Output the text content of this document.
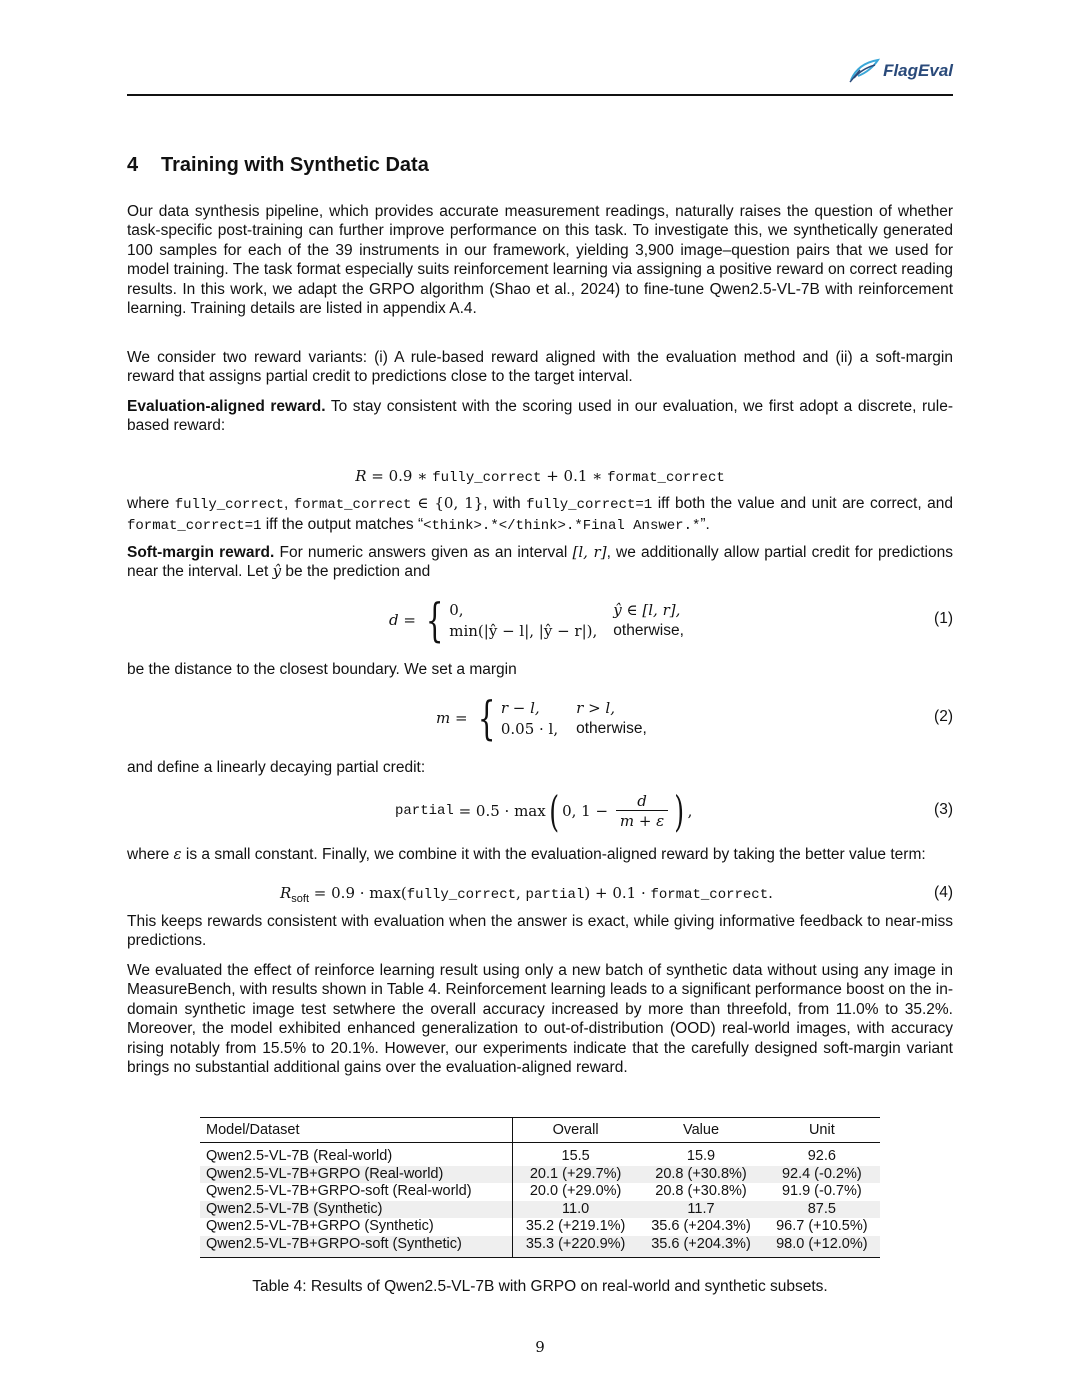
FlagEval
4 Training with Synthetic Data

Our data synthesis pipeline, which provides accurate measurement readings, naturally raises the question of whether task-specific post-training can further improve performance on this task. To investigate this, we synthetically generated 100 samples for each of the 39 instruments in our framework, yielding 3,900 image–question pairs that we used for model training. The task format especially suits reinforcement learning via assigning a positive reward on correct reading results. In this work, we adapt the GRPO algorithm (Shao et al., 2024) to fine-tune Qwen2.5-VL-7B with reinforcement learning. Training details are listed in appendix A.4.

We consider two reward variants: (i) A rule-based reward aligned with the evaluation method and (ii) a soft-margin reward that assigns partial credit to predictions close to the target interval.

Evaluation-aligned reward. To stay consistent with the scoring used in our evaluation, we first adopt a discrete, rule-based reward:

R = 0.9 ∗ fully_correct + 0.1 ∗ format_correct

where fully_correct, format_correct ∈ {0, 1}, with fully_correct=1 iff both the value and unit are correct, and format_correct=1 iff the output matches “<think>.*</think>.*Final Answer.*”.

Soft-margin reward. For numeric answers given as an interval [l, r], we additionally allow partial credit for predictions near the interval. Let ŷ be the prediction and

d = { 0,	ŷ ∈ [l, r],
min(|ŷ − l|, |ŷ − r|), otherwise,
(1)

be the distance to the closest boundary. We set a margin

m = { r − l,	r > l,
0.05 · l, otherwise,
(2)

and define a linearly decaying partial credit:

partial = 0.5 · max ( 0, $1 - \frac{d}{m + \varepsilon}$ ) ,	(3)

where ε is a small constant. Finally, we combine it with the evaluation-aligned reward by taking the better value term:

$R_{soft} = 0.9$ · max(fully_correct, partial) + 0.1 · format_correct.	(4)

This keeps rewards consistent with evaluation when the answer is exact, while giving informative feedback to near-miss predictions.

We evaluated the effect of reinforce learning result using only a new batch of synthetic data without using any image in MeasureBench, with results shown in Table 4. Reinforcement learning leads to a significant performance boost on the in-domain synthetic image test setwhere the overall accuracy increased by more than threefold, from 11.0% to 35.2%. Moreover, the model exhibited enhanced generalization to out-of-distribution (OOD) real-world images, with accuracy rising notably from 15.5% to 20.1%. However, our experiments indicate that the carefully designed soft-margin variant brings no substantial additional gains over the evaluation-aligned reward.

Model/Dataset	Overall	Value	Unit
Qwen2.5-VL-7B (Real-world)	15.5	15.9	92.6
Qwen2.5-VL-7B+GRPO (Real-world)	20.1 (+29.7%)	20.8 (+30.8%)	92.4 (-0.2%)
Qwen2.5-VL-7B+GRPO-soft (Real-world)	20.0 (+29.0%)	20.8 (+30.8%)	91.9 (-0.7%)
Qwen2.5-VL-7B (Synthetic)	11.0	11.7	87.5
Qwen2.5-VL-7B+GRPO (Synthetic)	35.2 (+219.1%)	35.6 (+204.3%)	96.7 (+10.5%)
Qwen2.5-VL-7B+GRPO-soft (Synthetic)	35.3 (+220.9%)	35.6 (+204.3%)	98.0 (+12.0%)
Table 4: Results of Qwen2.5-VL-7B with GRPO on real-world and synthetic subsets.
9
